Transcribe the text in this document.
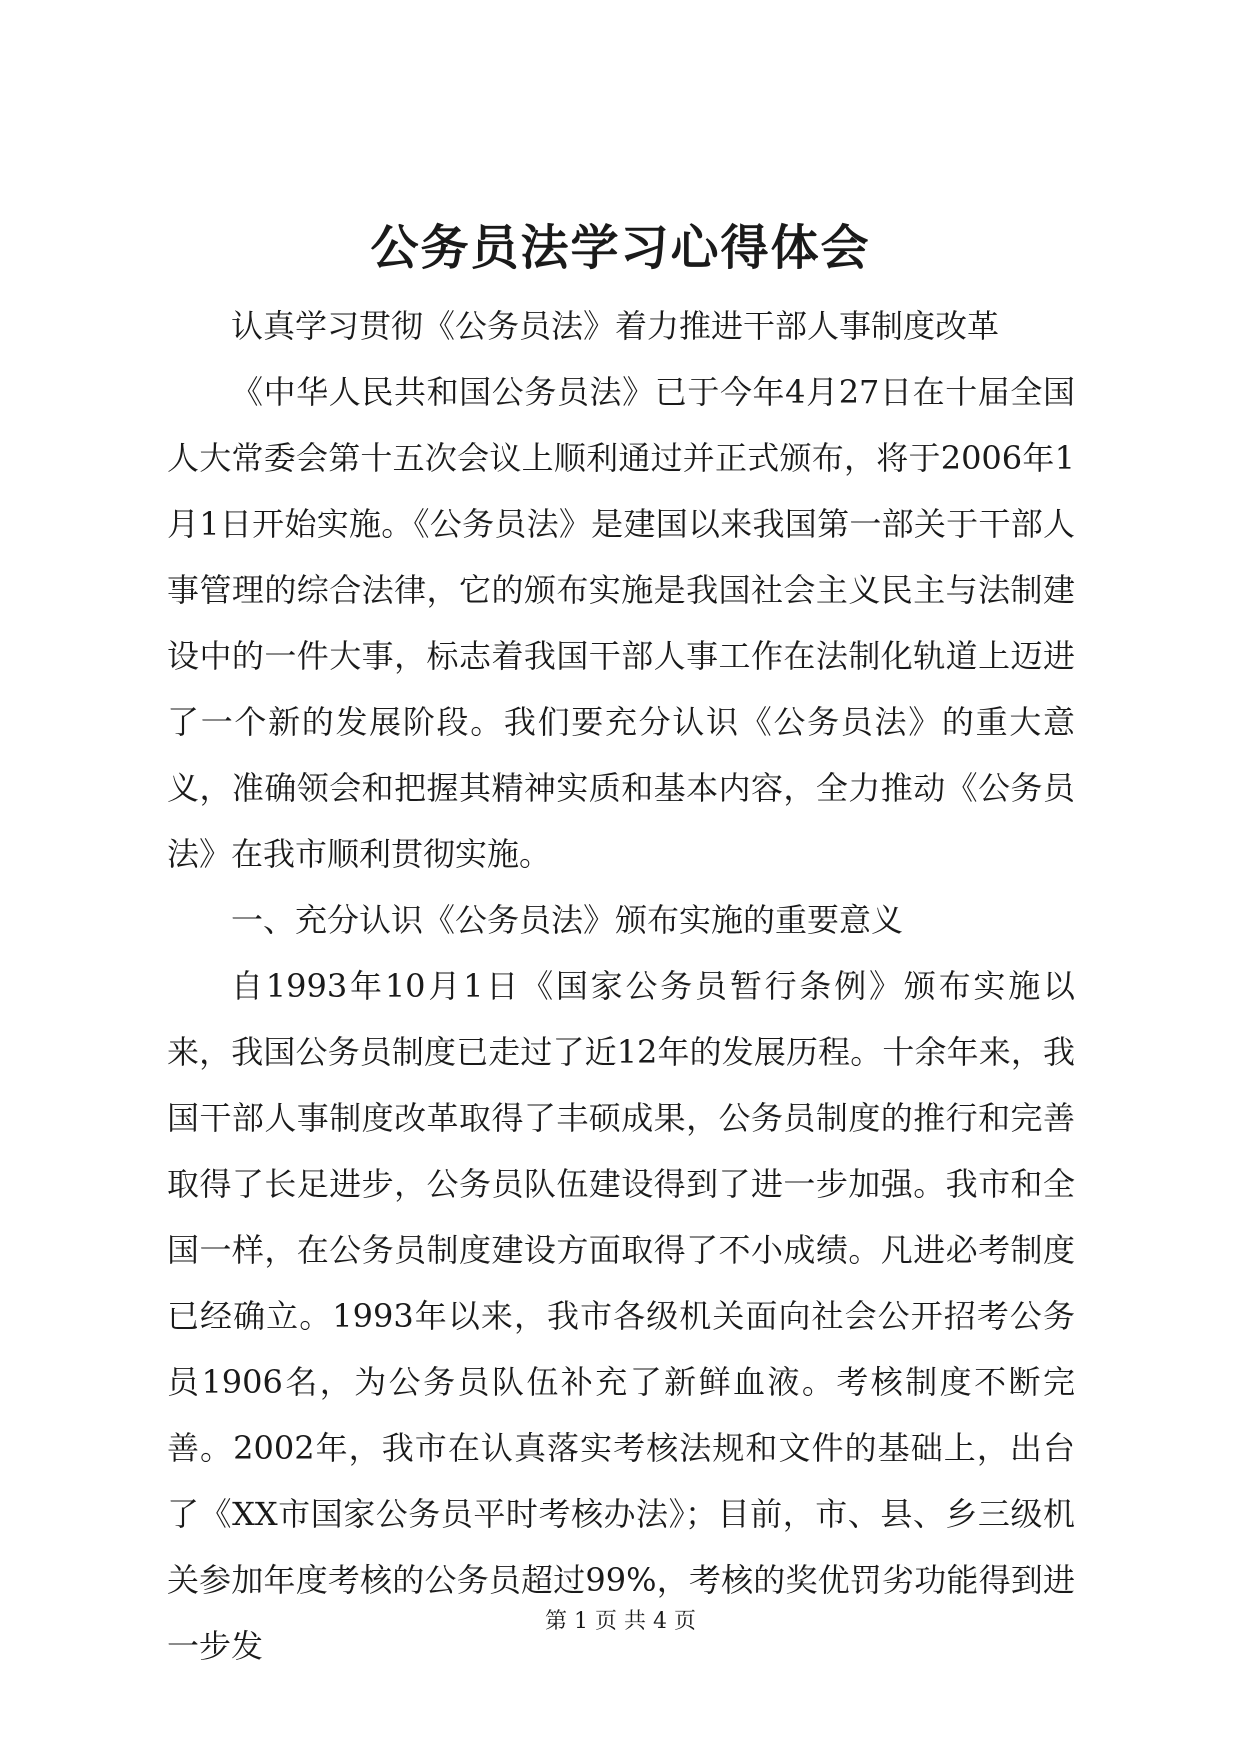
公务员法学习心得体会

认真学习贯彻《公务员法》着力推进干部人事制度改革

《中华人民共和国公务员法》已于今年4月27日在十届全国人大常委会第十五次会议上顺利通过并正式颁布，将于2006年1月1日开始实施。《公务员法》是建国以来我国第一部关于干部人事管理的综合法律，它的颁布实施是我国社会主义民主与法制建设中的一件大事，标志着我国干部人事工作在法制化轨道上迈进了一个新的发展阶段。我们要充分认识《公务员法》的重大意义，准确领会和把握其精神实质和基本内容，全力推动《公务员法》在我市顺利贯彻实施。

一、充分认识《公务员法》颁布实施的重要意义

自1993年10月1日《国家公务员暂行条例》颁布实施以来，我国公务员制度已走过了近12年的发展历程。十余年来，我国干部人事制度改革取得了丰硕成果，公务员制度的推行和完善取得了长足进步，公务员队伍建设得到了进一步加强。我市和全国一样，在公务员制度建设方面取得了不小成绩。凡进必考制度已经确立。1993年以来，我市各级机关面向社会公开招考公务员1906名，为公务员队伍补充了新鲜血液。考核制度不断完善。2002年，我市在认真落实考核法规和文件的基础上，出台了《XX市国家公务员平时考核办法》；目前，市、县、乡三级机关参加年度考核的公务员超过99%，考核的奖优罚劣功能得到进一步发

第 1 页 共 4 页
